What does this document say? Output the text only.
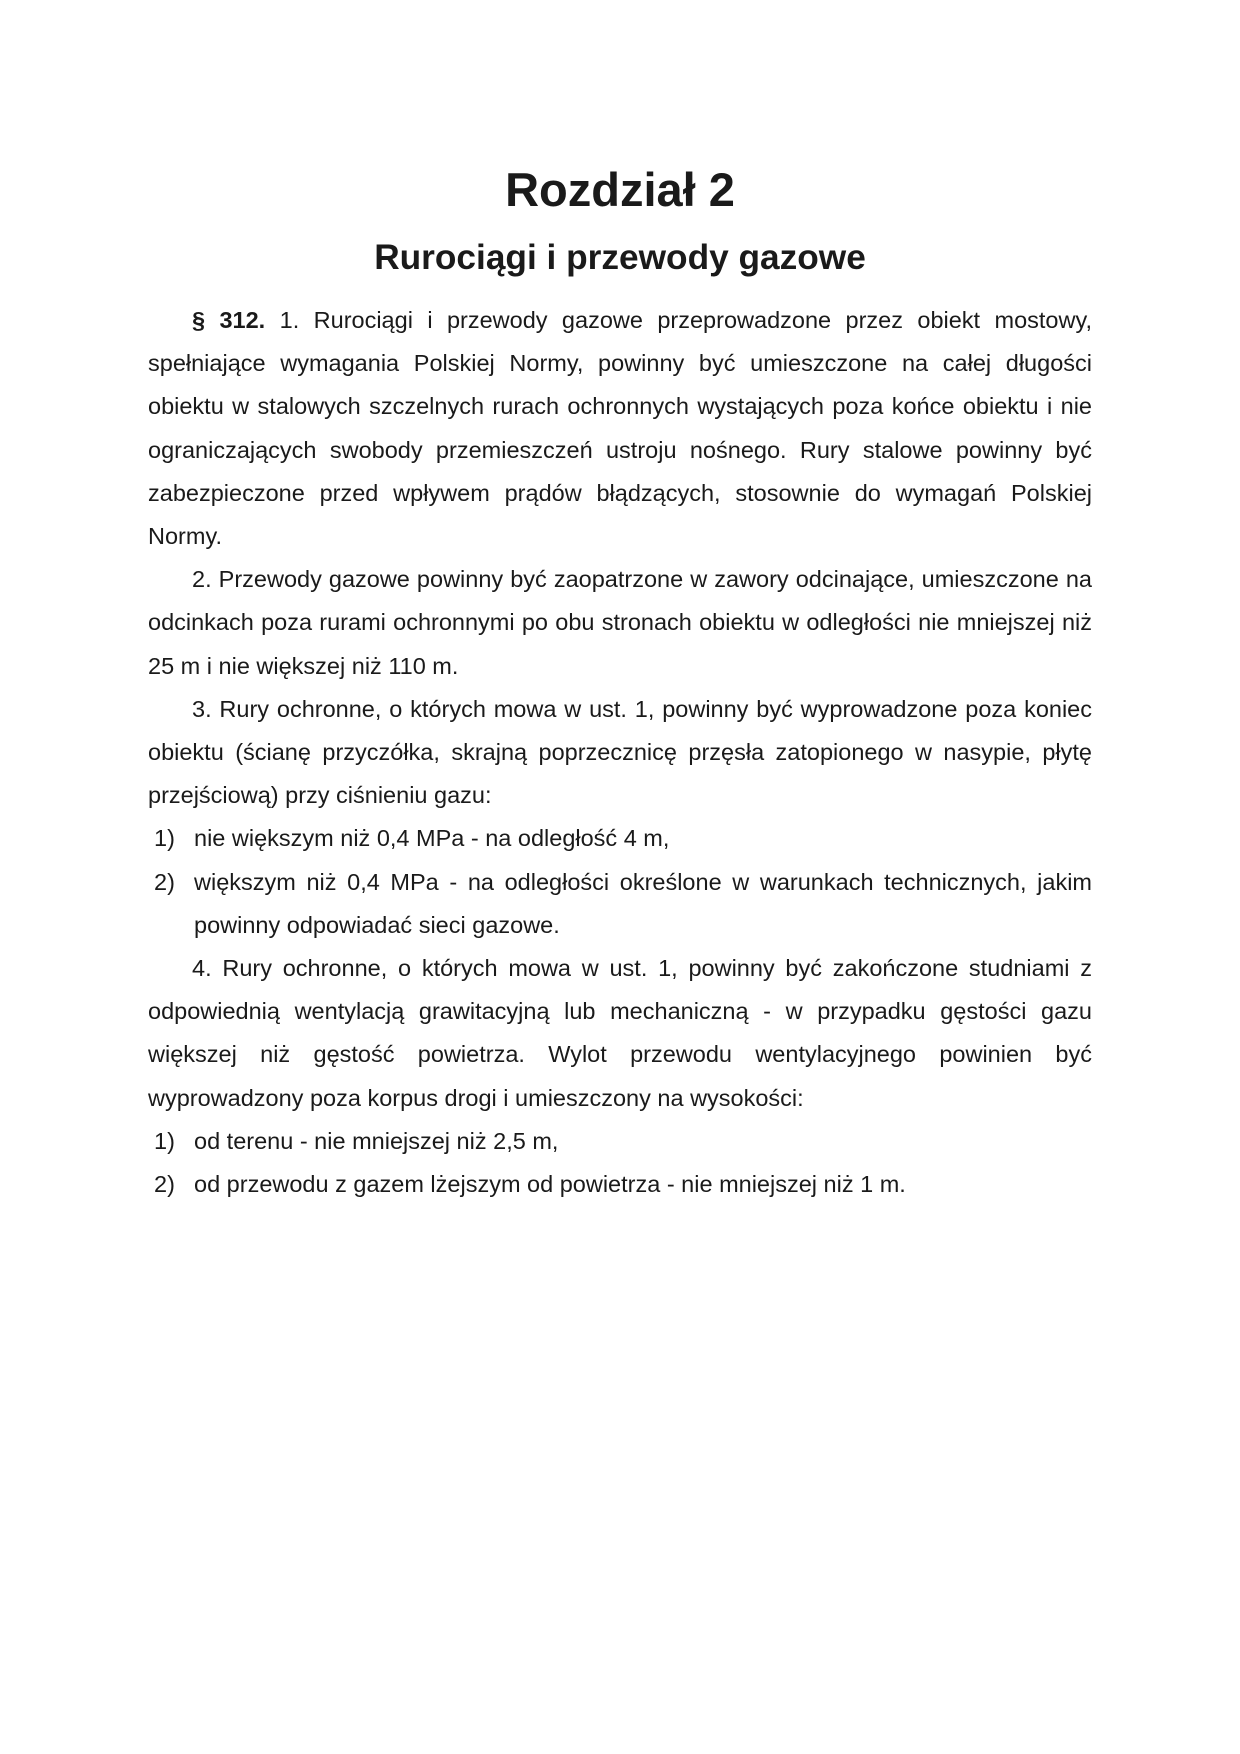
Rozdział 2
Rurociągi i przewody gazowe

§ 312. 1. Rurociągi i przewody gazowe przeprowadzone przez obiekt mostowy, spełniające wymagania Polskiej Normy, powinny być umieszczone na całej długości obiektu w stalowych szczelnych rurach ochronnych wystających poza końce obiektu i nie ograniczających swobody przemieszczeń ustroju nośnego. Rury stalowe powinny być zabezpieczone przed wpływem prądów błądzących, stosownie do wymagań Polskiej Normy.

2. Przewody gazowe powinny być zaopatrzone w zawory odcinające, umieszczone na odcinkach poza rurami ochronnymi po obu stronach obiektu w odległości nie mniejszej niż 25 m i nie większej niż 110 m.

3. Rury ochronne, o których mowa w ust. 1, powinny być wyprowadzone poza koniec obiektu (ścianę przyczółka, skrajną poprzecznicę przęsła zatopionego w nasypie, płytę przejściową) przy ciśnieniu gazu:

1) nie większym niż 0,4 MPa - na odległość 4 m,
2) większym niż 0,4 MPa - na odległości określone w warunkach technicznych, jakim powinny odpowiadać sieci gazowe.

4. Rury ochronne, o których mowa w ust. 1, powinny być zakończone studniami z odpowiednią wentylacją grawitacyjną lub mechaniczną - w przypadku gęstości gazu większej niż gęstość powietrza. Wylot przewodu wentylacyjnego powinien być wyprowadzony poza korpus drogi i umieszczony na wysokości:

1) od terenu - nie mniejszej niż 2,5 m,
2) od przewodu z gazem lżejszym od powietrza - nie mniejszej niż 1 m.
